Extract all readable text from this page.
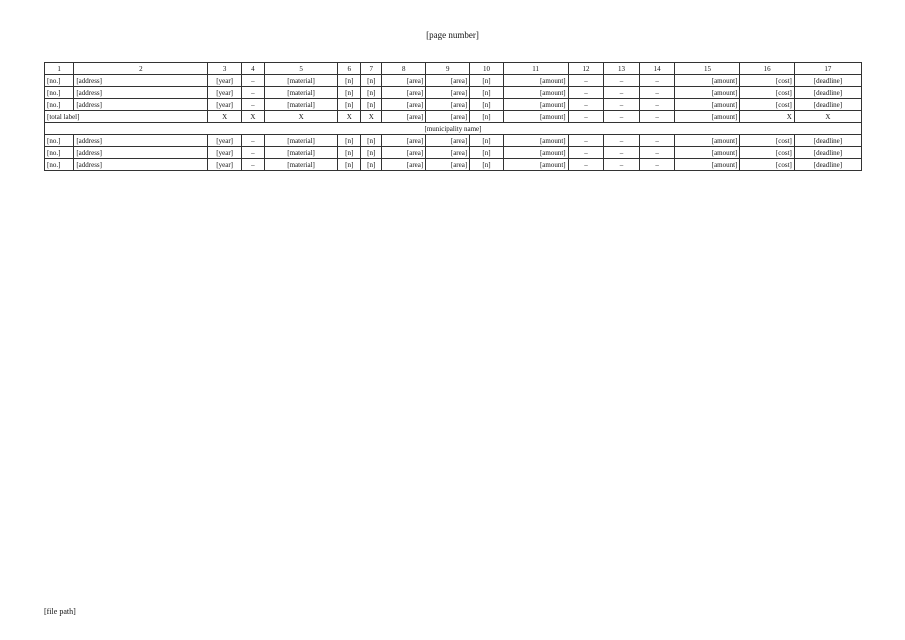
[page number]
1	2	3	4	5	6	7	8	9	10	11	12	13	14	15	16	17
[no.]	[address]	[year]	–	[material]	[n]	[n]	[area]	[area]	[n]	[amount]	–	–	–	[amount]	[cost]	[deadline]
[no.]	[address]	[year]	–	[material]	[n]	[n]	[area]	[area]	[n]	[amount]	–	–	–	[amount]	[cost]	[deadline]
[no.]	[address]	[year]	–	[material]	[n]	[n]	[area]	[area]	[n]	[amount]	–	–	–	[amount]	[cost]	[deadline]
[total label]		X	X	X	X	X	[area]	[area]	[n]	[amount]	–	–	–	[amount]	X	X
[municipality name]																
[no.]	[address]	[year]	–	[material]	[n]	[n]	[area]	[area]	[n]	[amount]	–	–	–	[amount]	[cost]	[deadline]
[no.]	[address]	[year]	–	[material]	[n]	[n]	[area]	[area]	[n]	[amount]	–	–	–	[amount]	[cost]	[deadline]
[no.]	[address]	[year]	–	[material]	[n]	[n]	[area]	[area]	[n]	[amount]	–	–	–	[amount]	[cost]	[deadline]
[file path]
